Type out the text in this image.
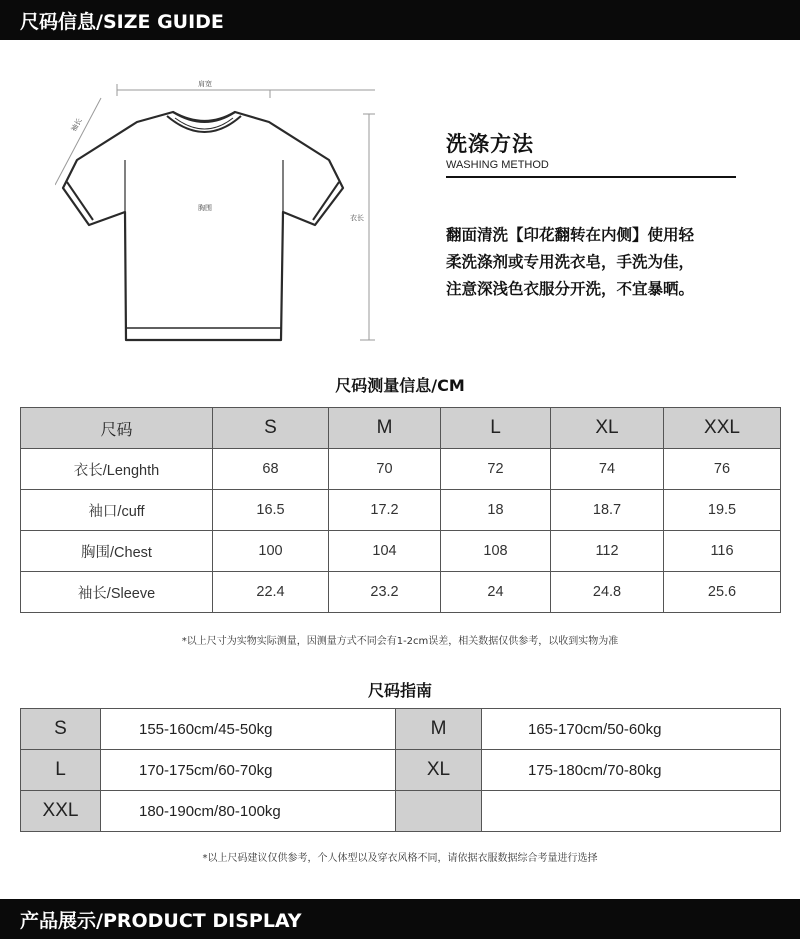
尺码信息/SIZE GUIDE
肩宽
袖长
胸围
衣长
洗涤方法
WASHING METHOD
翻面清洗【印花翻转在内侧】使用轻
柔洗涤剂或专用洗衣皂，手洗为佳，
注意深浅色衣服分开洗，不宜暴晒。
尺码测量信息/CM
尺码	S	M	L	XL	XXL
衣长/Lenghth	68	70	72	74	76
袖口/cuff	16.5	17.2	18	18.7	19.5
胸围/Chest	100	104	108	112	116
袖长/Sleeve	22.4	23.2	24	24.8	25.6
*以上尺寸为实物实际测量，因测量方式不同会有1-2cm误差，相关数据仅供参考，以收到实物为准
尺码指南
S	155-160cm/45-50kg	M	165-170cm/50-60kg
L	170-175cm/60-70kg	XL	175-180cm/70-80kg
XXL	180-190cm/80-100kg		
*以上尺码建议仅供参考，个人体型以及穿衣风格不同，请依据衣服数据综合考量进行选择
产品展示/PRODUCT DISPLAY
